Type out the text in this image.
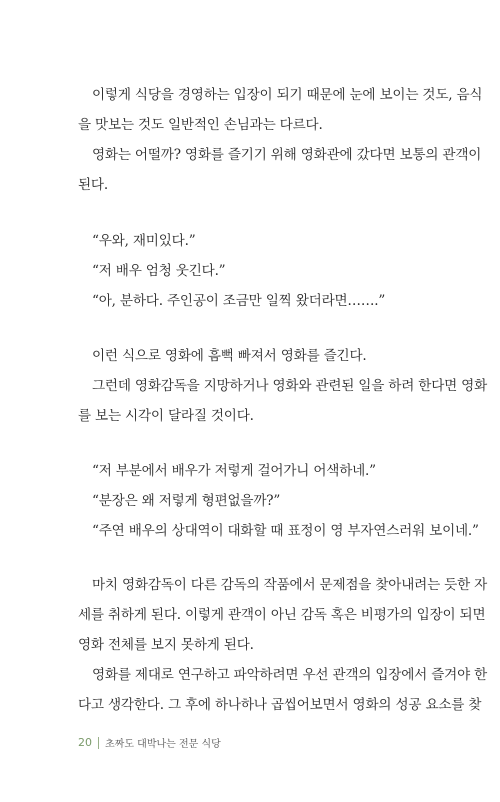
이렇게 식당을 경영하는 입장이 되기 때문에 눈에 보이는 것도, 음식
을 맛보는 것도 일반적인 손님과는 다르다.
영화는 어떨까? 영화를 즐기기 위해 영화관에 갔다면 보통의 관객이
된다.
“우와, 재미있다.”
“저 배우 엄청 웃긴다.”
“아, 분하다. 주인공이 조금만 일찍 왔더라면…….”
이런 식으로 영화에 흠뻑 빠져서 영화를 즐긴다.
그런데 영화감독을 지망하거나 영화와 관련된 일을 하려 한다면 영화
를 보는 시각이 달라질 것이다.
“저 부분에서 배우가 저렇게 걸어가니 어색하네.”
“분장은 왜 저렇게 형편없을까?”
“주연 배우의 상대역이 대화할 때 표정이 영 부자연스러워 보이네.”
마치 영화감독이 다른 감독의 작품에서 문제점을 찾아내려는 듯한 자
세를 취하게 된다. 이렇게 관객이 아닌 감독 혹은 비평가의 입장이 되면
영화 전체를 보지 못하게 된다.
영화를 제대로 연구하고 파악하려면 우선 관객의 입장에서 즐겨야 한
다고 생각한다. 그 후에 하나하나 곱씹어보면서 영화의 성공 요소를 찾
20 초짜도 대박나는 전문 식당
